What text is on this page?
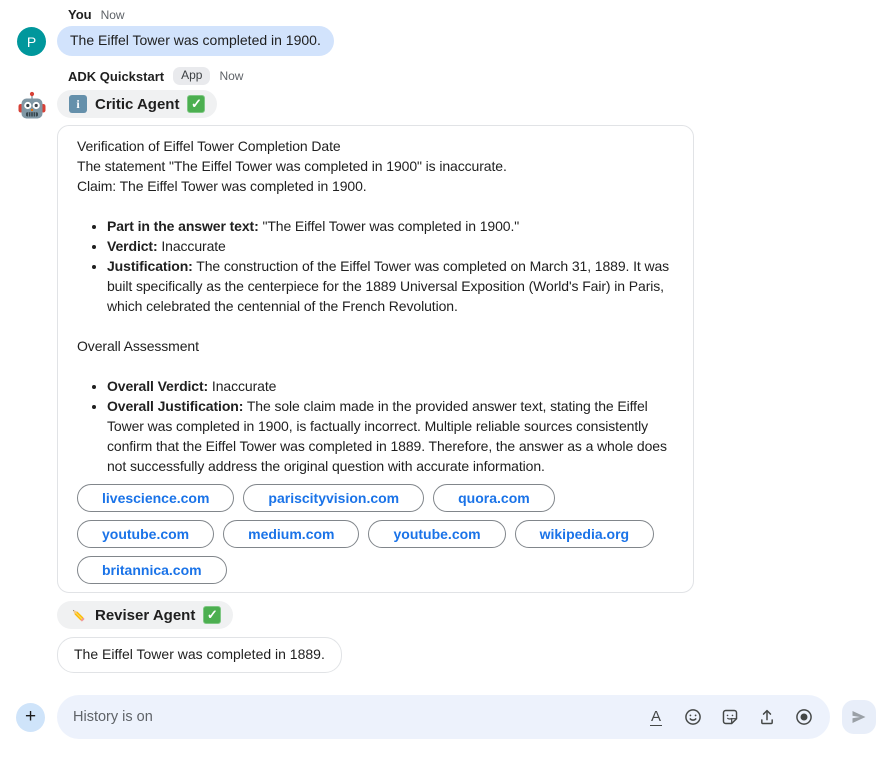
You Now
P	The Eiffel Tower was completed in 1900.
ADK Quickstart	App	Now
i	Critic Agent ✓

Verification of Eiffel Tower Completion Date

The statement "The Eiffel Tower was completed in 1900" is inaccurate.

Claim: The Eiffel Tower was completed in 1900.

• Part in the answer text: "The Eiffel Tower was completed in 1900."
• Verdict: Inaccurate
• Justification: The construction of the Eiffel Tower was completed on March 31, 1889. It was built specifically as the centerpiece for the 1889 Universal Exposition (World's Fair) in Paris, which celebrated the centennial of the French Revolution.

Overall Assessment

• Overall Verdict: Inaccurate
• Overall Justification: The sole claim made in the provided answer text, stating the Eiffel Tower was completed in 1900, is factually incorrect. Multiple reliable sources consistently confirm that the Eiffel Tower was completed in 1889. Therefore, the answer as a whole does not successfully address the original question with accurate information.
livescience.com	pariscityvision.com	quora.com
youtube.com	medium.com	youtube.com	wikipedia.org
britannica.com
Reviser Agent ✓
The Eiffel Tower was completed in 1889.
+	History is on	A
